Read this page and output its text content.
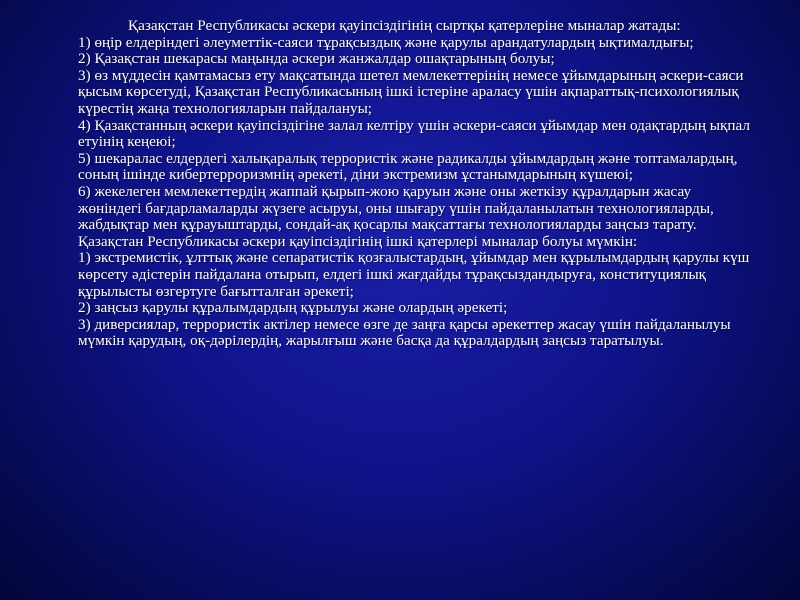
Қазақстан Республикасы әскери қауіпсіздігінің сыртқы қатерлеріне мыналар жатады:
1) өңір елдеріндегі әлеуметтік-саяси тұрақсыздық және қарулы арандатулардың ықтималдығы;
2) Қазақстан шекарасы маңында әскери жанжалдар ошақтарының болуы;
3) өз мүддесін қамтамасыз ету мақсатында шетел мемлекеттерінің немесе ұйымдарының әскери-саяси қысым көрсетуді, Қазақстан Республикасының ішкі істеріне араласу үшін ақпараттық-психологиялық күрестің жаңа технологияларын пайдалануы;
4) Қазақстанның әскери қауіпсіздігіне залал келтіру үшін әскери-саяси ұйымдар мен одақтардың ықпал етуінің кеңеюі;
5) шекаралас елдердегі халықаралық террористік және радикалды ұйымдардың және топтамалардың, соның ішінде кибертерроризмнің әрекеті, діни экстремизм ұстанымдарының күшеюі;
6) жекелеген мемлекеттердің жаппай қырып-жою қаруын және оны жеткізу құралдарын жасау жөніндегі бағдарламаларды жүзеге асыруы, оны шығару үшін пайдаланылатын технологияларды, жабдықтар мен құрауыштарды, сондай-ақ қосарлы мақсаттағы технологияларды заңсыз тарату.
Қазақстан Республикасы әскери қауіпсіздігінің ішкі қатерлері мыналар болуы мүмкін:
1) экстремистік, ұлттық және сепаратистік қозғалыстардың, ұйымдар мен құрылымдардың қарулы күш көрсету әдістерін пайдалана отырып, елдегі ішкі жағдайды тұрақсыздандыруға, конституциялық құрылысты өзгертуге бағытталған әрекеті;
2) заңсыз қарулы құралымдардың құрылуы және олардың әрекеті;
3) диверсиялар, террористік актілер немесе өзге де заңға қарсы әрекеттер жасау үшін пайдаланылуы мүмкін қарудың, оқ-дәрілердің, жарылғыш және басқа да құралдардың заңсыз таратылуы.
